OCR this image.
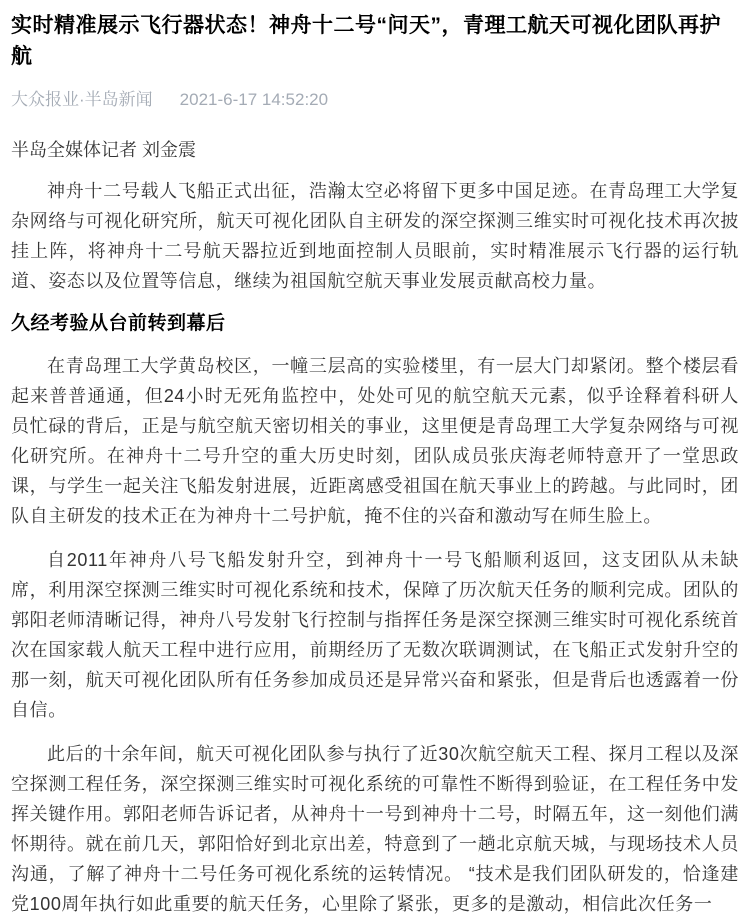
实时精准展示飞行器状态！神舟十二号“问天”，青理工航天可视化团队再护航
大众报业·半岛新闻 2021-6-17 14:52:20

半岛全媒体记者 刘金震

神舟十二号载人飞船正式出征，浩瀚太空必将留下更多中国足迹。在青岛理工大学复杂网络与可视化研究所，航天可视化团队自主研发的深空探测三维实时可视化技术再次披挂上阵，将神舟十二号航天器拉近到地面控制人员眼前，实时精准展示飞行器的运行轨道、姿态以及位置等信息，继续为祖国航空航天事业发展贡献高校力量。

久经考验从台前转到幕后

在青岛理工大学黄岛校区，一幢三层高的实验楼里，有一层大门却紧闭。整个楼层看起来普普通通，但24小时无死角监控中，处处可见的航空航天元素，似乎诠释着科研人员忙碌的背后，正是与航空航天密切相关的事业，这里便是青岛理工大学复杂网络与可视化研究所。在神舟十二号升空的重大历史时刻，团队成员张庆海老师特意开了一堂思政课，与学生一起关注飞船发射进展，近距离感受祖国在航天事业上的跨越。与此同时，团队自主研发的技术正在为神舟十二号护航，掩不住的兴奋和激动写在师生脸上。

自2011年神舟八号飞船发射升空，到神舟十一号飞船顺利返回，这支团队从未缺席，利用深空探测三维实时可视化系统和技术，保障了历次航天任务的顺利完成。团队的郭阳老师清晰记得，神舟八号发射飞行控制与指挥任务是深空探测三维实时可视化系统首次在国家载人航天工程中进行应用，前期经历了无数次联调测试，在飞船正式发射升空的那一刻，航天可视化团队所有任务参加成员还是异常兴奋和紧张，但是背后也透露着一份自信。

此后的十余年间，航天可视化团队参与执行了近30次航空航天工程、探月工程以及深空探测工程任务，深空探测三维实时可视化系统的可靠性不断得到验证，在工程任务中发挥关键作用。郭阳老师告诉记者，从神舟十一号到神舟十二号，时隔五年，这一刻他们满怀期待。就在前几天，郭阳恰好到北京出差，特意到了一趟北京航天城，与现场技术人员沟通，了解了神舟十二号任务可视化系统的运转情况。 “技术是我们团队研发的，恰逢建党100周年执行如此重要的航天任务，心里除了紧张，更多的是激动，相信此次任务一
